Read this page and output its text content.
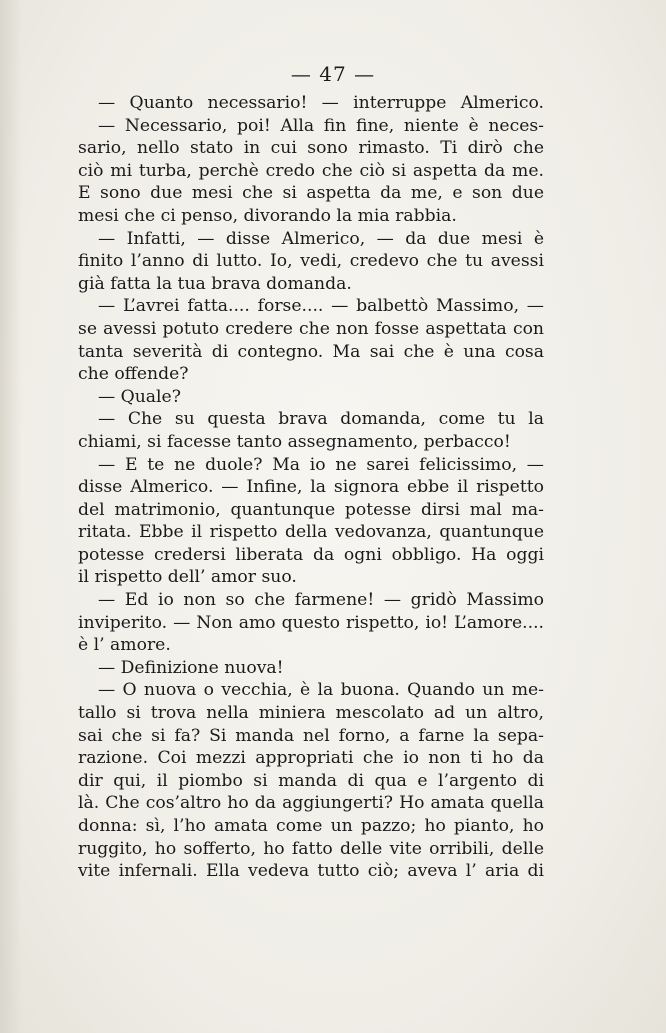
— 47 —
— Quanto necessario! — interruppe Almerico.
— Necessario, poi! Alla fin fine, niente è neces-
sario, nello stato in cui sono rimasto. Ti dirò che
ciò mi turba, perchè credo che ciò si aspetta da me.
E sono due mesi che si aspetta da me, e son due
mesi che ci penso, divorando la mia rabbia.
— Infatti, — disse Almerico, — da due mesi è
finito l’anno di lutto. Io, vedi, credevo che tu avessi
già fatta la tua brava domanda.
— L’avrei fatta.... forse.... — balbettò Massimo, —
se avessi potuto credere che non fosse aspettata con
tanta severità di contegno. Ma sai che è una cosa
che offende?
— Quale?
— Che su questa brava domanda, come tu la
chiami, si facesse tanto assegnamento, perbacco!
— E te ne duole? Ma io ne sarei felicissimo, —
disse Almerico. — Infine, la signora ebbe il rispetto
del matrimonio, quantunque potesse dirsi mal ma-
ritata. Ebbe il rispetto della vedovanza, quantunque
potesse credersi liberata da ogni obbligo. Ha oggi
il rispetto dell’ amor suo.
— Ed io non so che farmene! — gridò Massimo
inviperito. — Non amo questo rispetto, io! L’amore....
è l’ amore.
— Definizione nuova!
— O nuova o vecchia, è la buona. Quando un me-
tallo si trova nella miniera mescolato ad un altro,
sai che si fa? Si manda nel forno, a farne la sepa-
razione. Coi mezzi appropriati che io non ti ho da
dir qui, il piombo si manda di qua e l’argento di
là. Che cos’altro ho da aggiungerti? Ho amata quella
donna: sì, l’ho amata come un pazzo; ho pianto, ho
ruggito, ho sofferto, ho fatto delle vite orribili, delle
vite infernali. Ella vedeva tutto ciò; aveva l’ aria di
